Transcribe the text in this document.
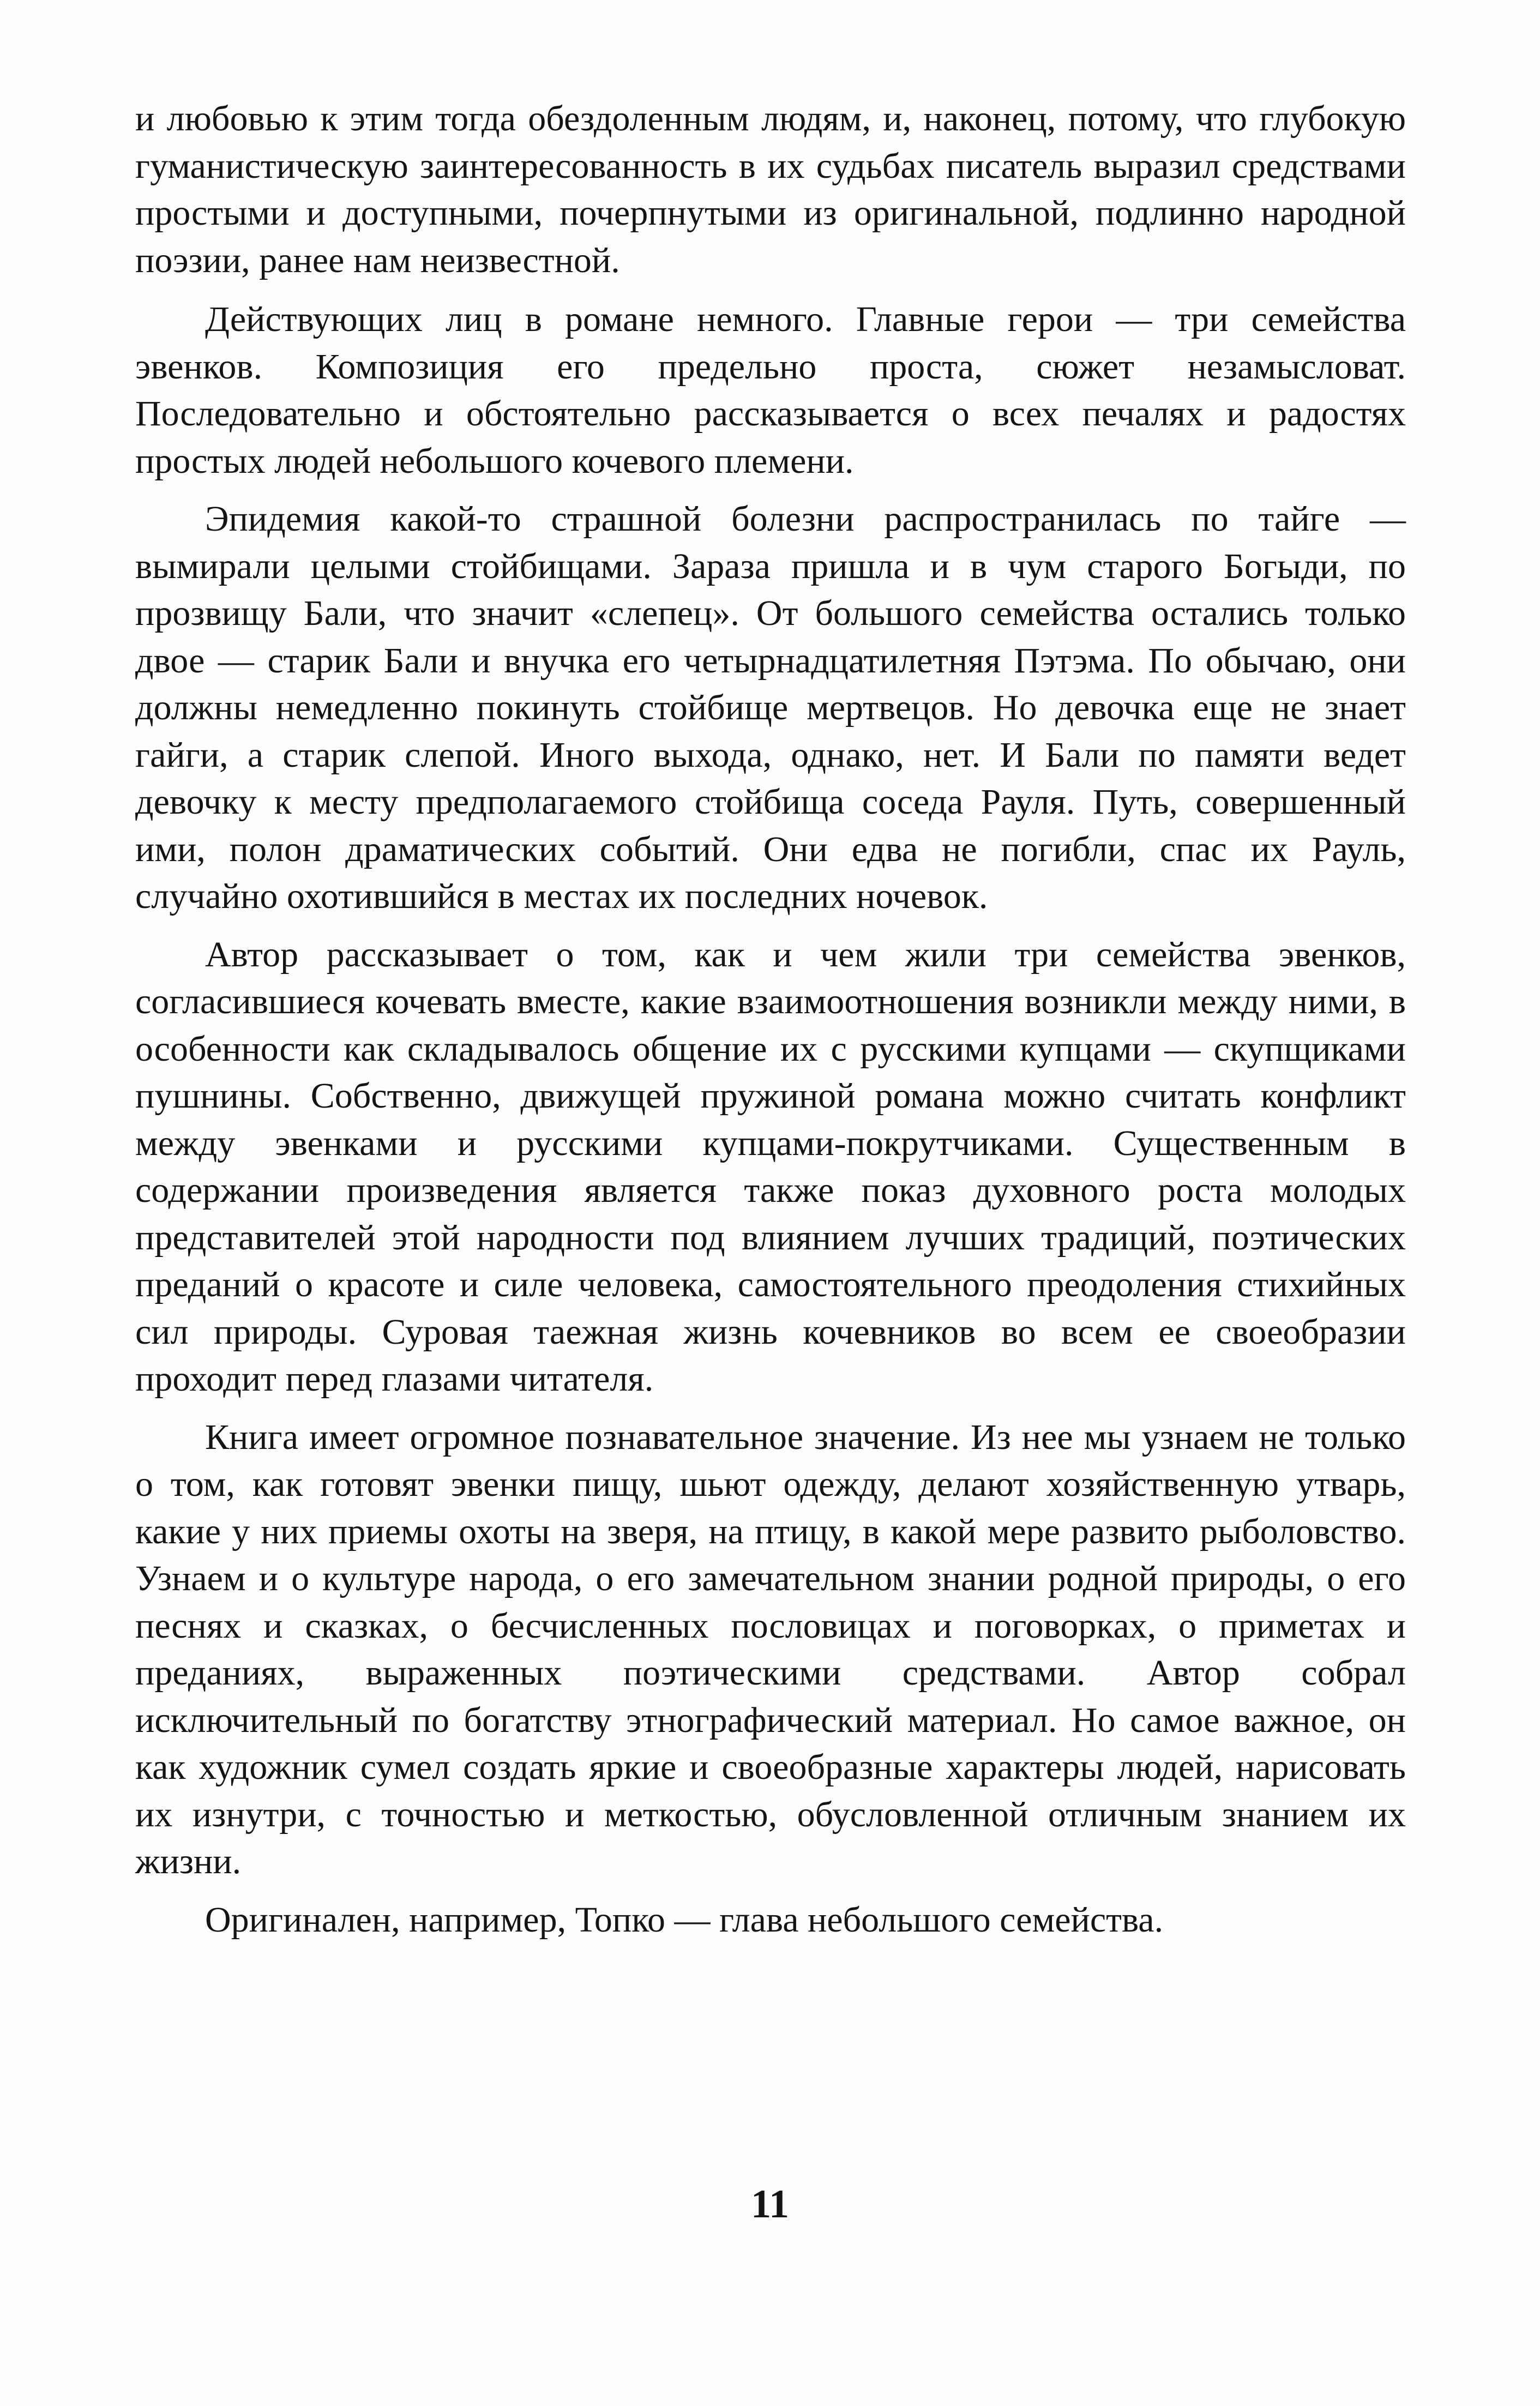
и любовью к этим тогда обездоленным людям, и, наконец, потому, что глубокую гуманистическую заинтересованность в их судьбах писатель выразил средствами простыми и доступными, почерпнутыми из оригинальной, подлинно народной поэзии, ранее нам неизвестной.

Действующих лиц в романе немного. Главные герои — три семейства эвенков. Композиция его предельно проста, сюжет незамысловат. Последовательно и обстоятельно рассказывается о всех печалях и радостях простых людей небольшого кочевого племени.

Эпидемия какой-то страшной болезни распространилась по тайге — вымирали целыми стойбищами. Зараза пришла и в чум старого Богыди, по прозвищу Бали, что значит «слепец». От большого семейства остались только двое — старик Бали и внучка его четырнадцатилетняя Пэтэма. По обычаю, они должны немедленно покинуть стойбище мертвецов. Но девочка еще не знает гайги, а старик слепой. Иного выхода, однако, нет. И Бали по памяти ведет девочку к месту предполагаемого стойбища соседа Рауля. Путь, совершенный ими, полон драматических событий. Они едва не погибли, спас их Рауль, случайно охотившийся в местах их последних ночевок.

Автор рассказывает о том, как и чем жили три семейства эвенков, согласившиеся кочевать вместе, какие взаимоотношения возникли между ними, в особенности как складывалось общение их с русскими купцами — скупщиками пушнины. Собственно, движущей пружиной романа можно считать конфликт между эвенками и русскими купцами-покрутчиками. Существенным в содержании произведения является также показ духовного роста молодых представителей этой народности под влиянием лучших традиций, поэтических преданий о красоте и силе человека, самостоятельного преодоления стихийных сил природы. Суровая таежная жизнь кочевников во всем ее своеобразии проходит перед глазами читателя.

Книга имеет огромное познавательное значение. Из нее мы узнаем не только о том, как готовят эвенки пищу, шьют одежду, делают хозяйственную утварь, какие у них приемы охоты на зверя, на птицу, в какой мере развито рыболовство. Узнаем и о культуре народа, о его замечательном знании родной природы, о его песнях и сказках, о бесчисленных пословицах и поговорках, о приметах и преданиях, выраженных поэтическими средствами. Автор собрал исключительный по богатству этнографический материал. Но самое важное, он как художник сумел создать яркие и своеобразные характеры людей, нарисовать их изнутри, с точностью и меткостью, обусловленной отличным знанием их жизни.

Оригинален, например, Топко — глава небольшого семейства.

11
